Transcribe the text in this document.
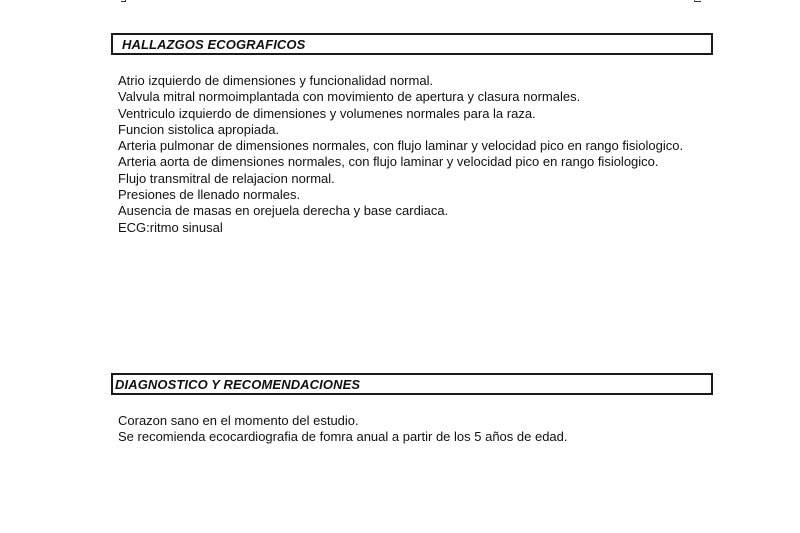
HALLAZGOS ECOGRAFICOS
Atrio izquierdo de dimensiones y funcionalidad normal.
Valvula mitral normoimplantada con movimiento de apertura y clasura normales.
Ventriculo izquierdo de dimensiones y volumenes normales para la raza.
Funcion sistolica apropiada.
Arteria pulmonar de dimensiones normales, con flujo laminar y velocidad pico en rango fisiologico.
Arteria aorta de dimensiones normales, con flujo laminar y velocidad pico en rango fisiologico.
Flujo transmitral de relajacion normal.
Presiones de llenado normales.
Ausencia de masas en orejuela derecha y base cardiaca.
ECG:ritmo sinusal
DIAGNOSTICO Y RECOMENDACIONES
Corazon sano en el momento del estudio.
Se recomienda ecocardiografia de fomra anual a partir de los 5 años de edad.
